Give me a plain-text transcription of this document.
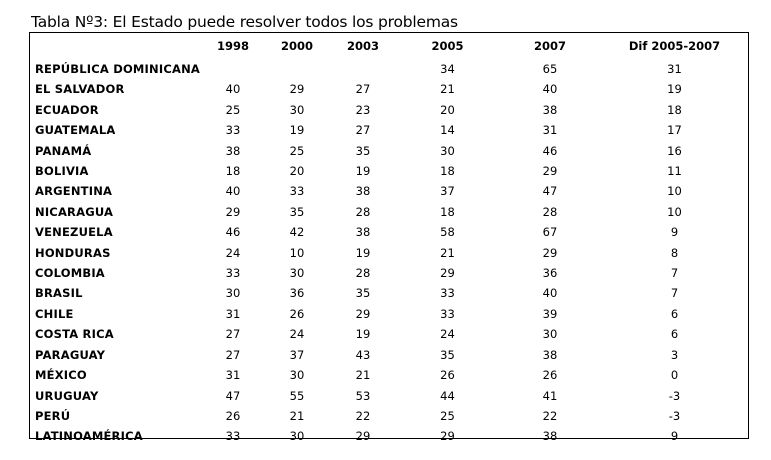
Tabla Nº3: El Estado puede resolver todos los problemas
	1998	2000	2003	2005	2007	Dif 2005-2007
REPÚBLICA DOMINICANA				34	65	31
EL SALVADOR	40	29	27	21	40	19
ECUADOR	25	30	23	20	38	18
GUATEMALA	33	19	27	14	31	17
PANAMÁ	38	25	35	30	46	16
BOLIVIA	18	20	19	18	29	11
ARGENTINA	40	33	38	37	47	10
NICARAGUA	29	35	28	18	28	10
VENEZUELA	46	42	38	58	67	9
HONDURAS	24	10	19	21	29	8
COLOMBIA	33	30	28	29	36	7
BRASIL	30	36	35	33	40	7
CHILE	31	26	29	33	39	6
COSTA RICA	27	24	19	24	30	6
PARAGUAY	27	37	43	35	38	3
MÉXICO	31	30	21	26	26	0
URUGUAY	47	55	53	44	41	-3
PERÚ	26	21	22	25	22	-3
LATINOAMÉRICA	33	30	29	29	38	9
